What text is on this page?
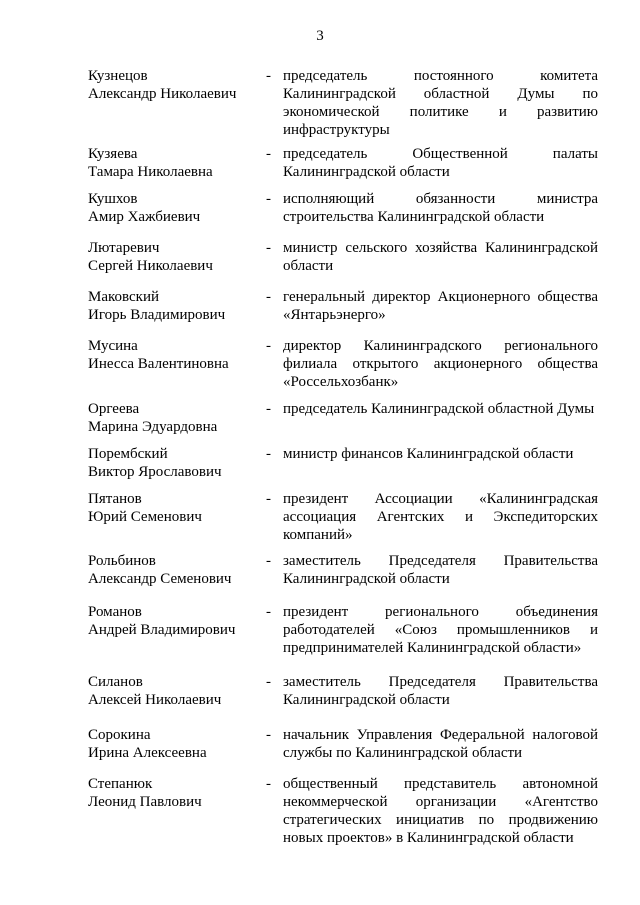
3
Кузнецов
Александр Николаевич
- председатель постоянного комитета Калининградской областной Думы по экономической политике и развитию инфраструктуры
Кузяева
Тамара Николаевна
- председатель Общественной палаты Калининградской области
Кушхов
Амир Хажбиевич
- исполняющий обязанности министра строительства Калининградской области
Лютаревич
Сергей Николаевич
- министр сельского хозяйства Калининградской области
Маковский
Игорь Владимирович
- генеральный директор Акционерного общества «Янтарьэнерго»
Мусина
Инесса Валентиновна
- директор Калининградского регионального филиала открытого акционерного общества «Россельхозбанк»
Оргеева
Марина Эдуардовна
- председатель Калининградской областной Думы
Порембский
Виктор Ярославович
- министр финансов Калининградской области
Пятанов
Юрий Семенович
- президент Ассоциации «Калининградская ассоциация Агентских и Экспедиторских компаний»
Рольбинов
Александр Семенович
- заместитель Председателя Правительства Калининградской области
Романов
Андрей Владимирович
- президент регионального объединения работодателей «Союз промышленников и предпринимателей Калининградской области»
Силанов
Алексей Николаевич
- заместитель Председателя Правительства Калининградской области
Сорокина
Ирина Алексеевна
- начальник Управления Федеральной налоговой службы по Калининградской области
Степанюк
Леонид Павлович
- общественный представитель автономной некоммерческой организации «Агентство стратегических инициатив по продвижению новых проектов» в Калининградской области
